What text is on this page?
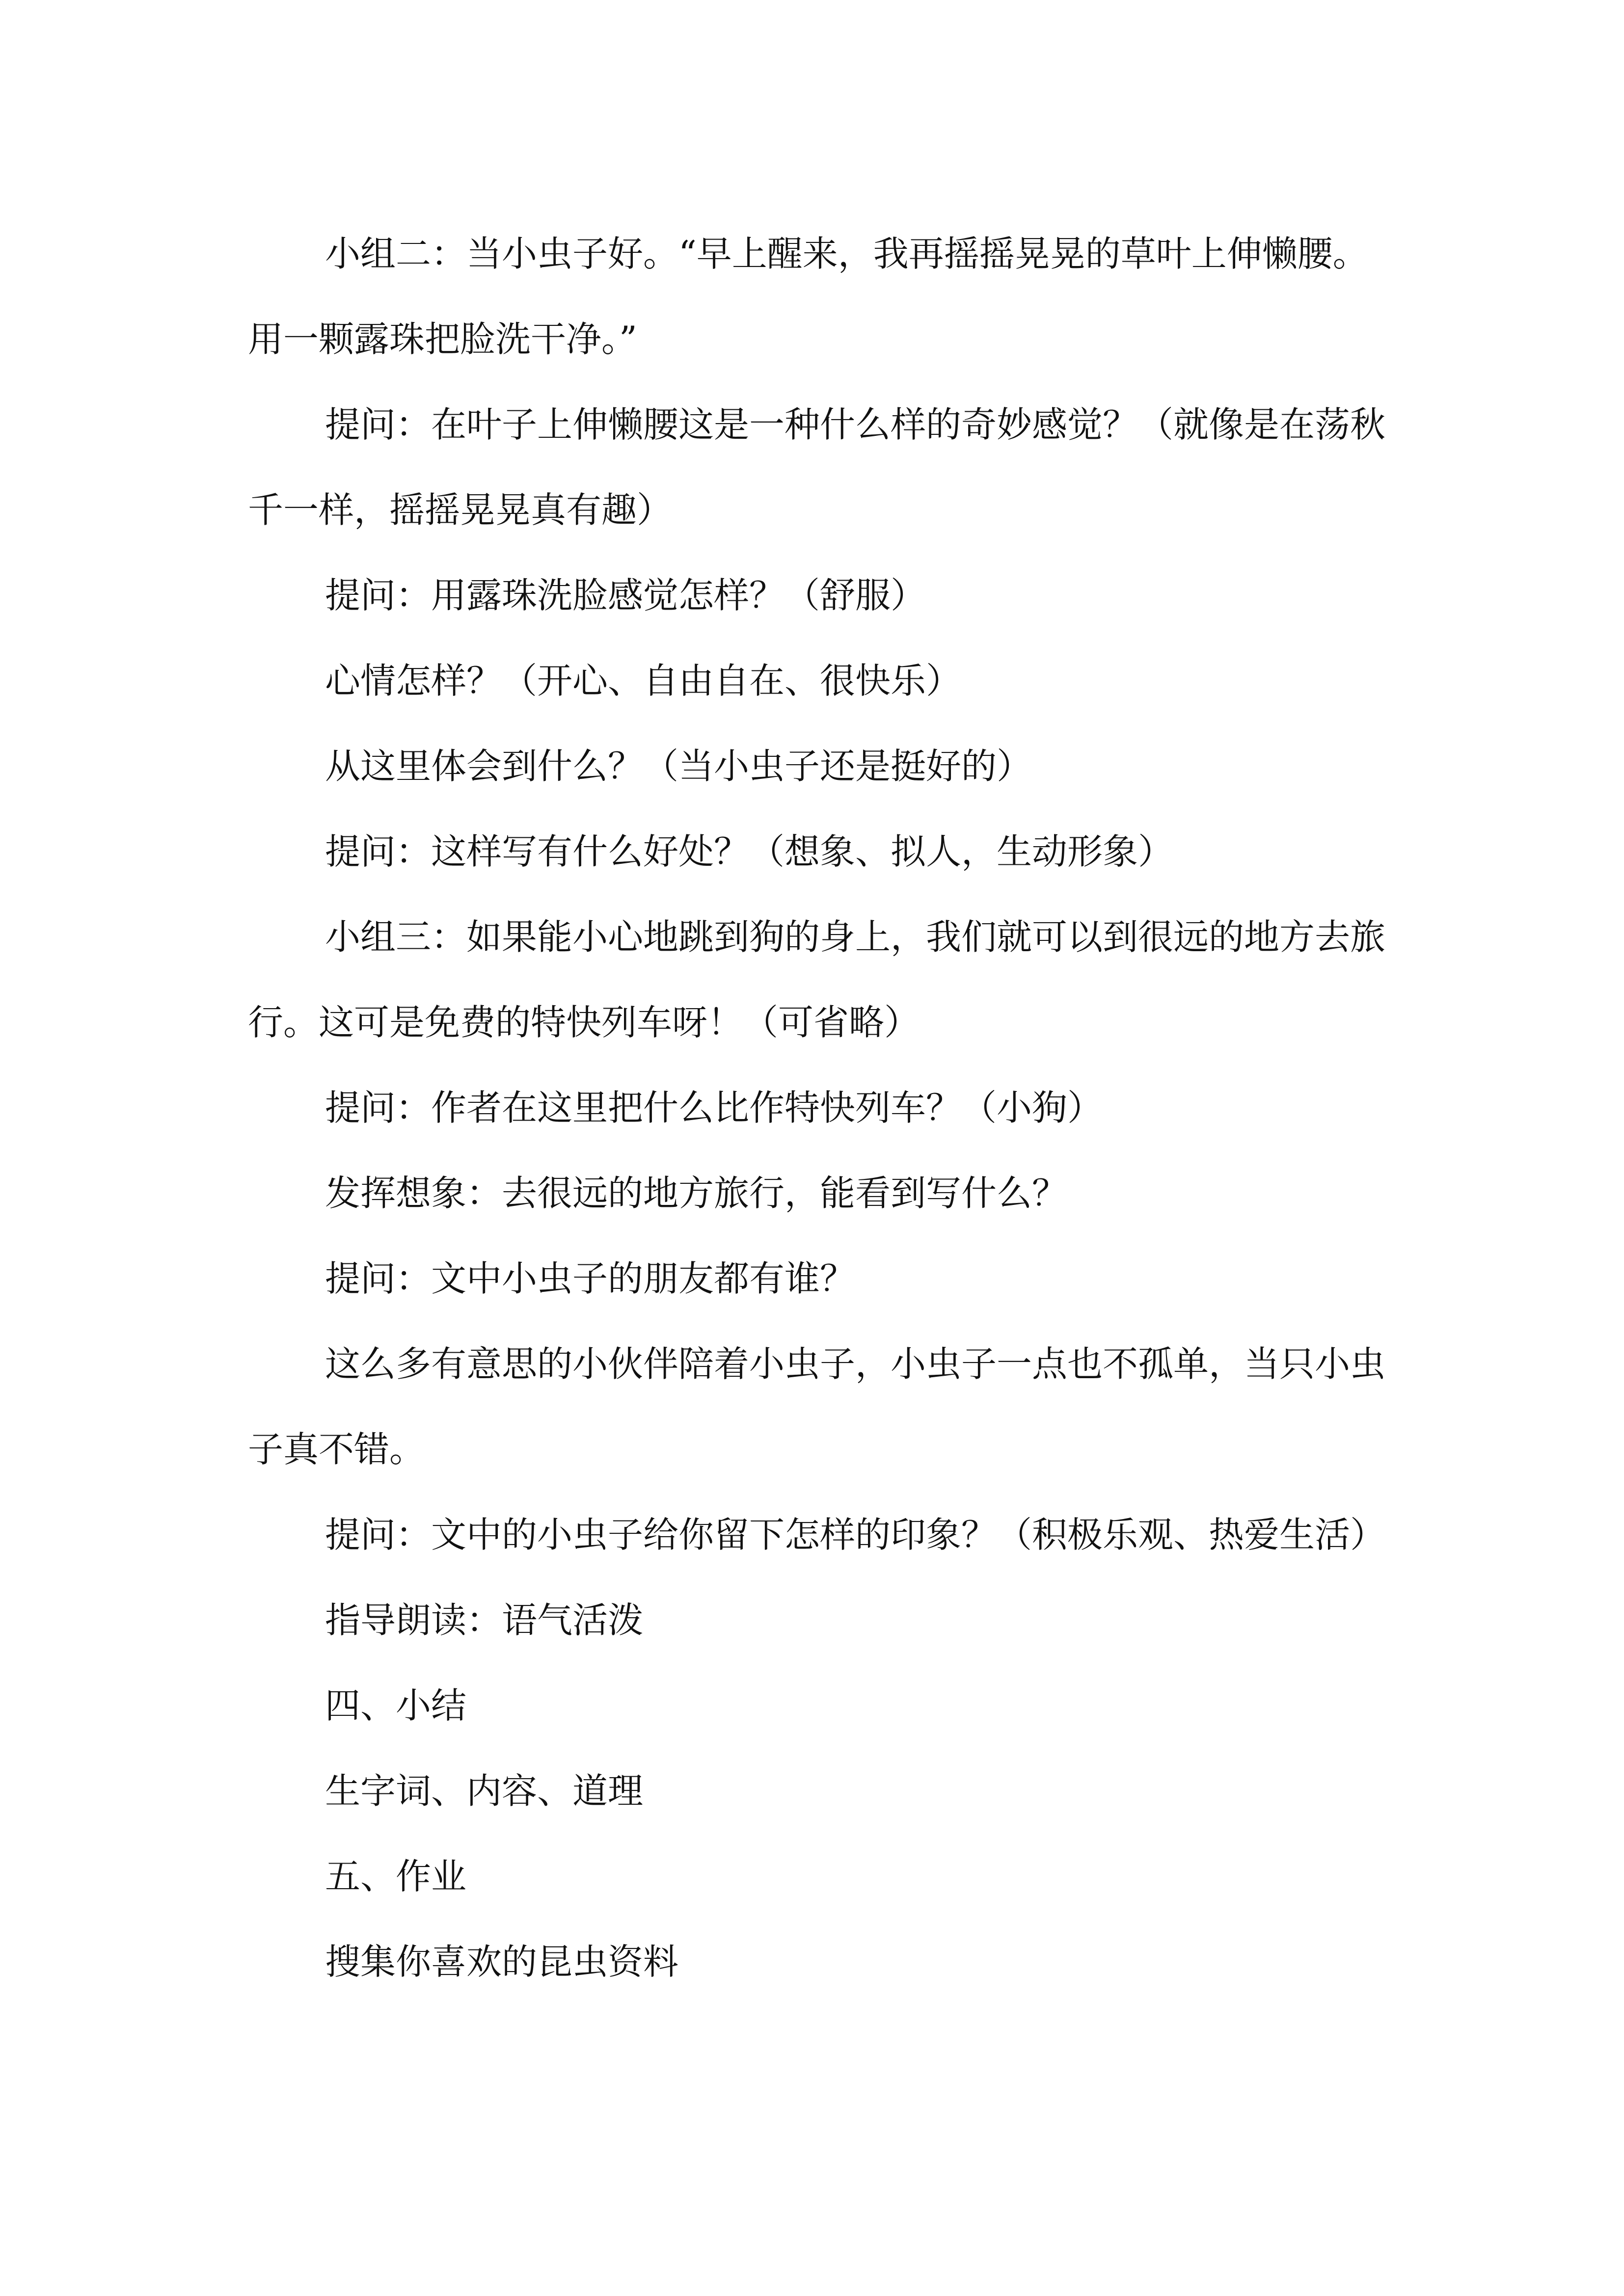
小组二：当小虫子好。“早上醒来，我再摇摇晃晃的草叶上伸懒腰。用一颗露珠把脸洗干净。”

提问：在叶子上伸懒腰这是一种什么样的奇妙感觉？（就像是在荡秋千一样，摇摇晃晃真有趣）

提问：用露珠洗脸感觉怎样？（舒服）

心情怎样？（开心、自由自在、很快乐）

从这里体会到什么？（当小虫子还是挺好的）

提问：这样写有什么好处？（想象、拟人，生动形象）

小组三：如果能小心地跳到狗的身上，我们就可以到很远的地方去旅行。这可是免费的特快列车呀！（可省略）

提问：作者在这里把什么比作特快列车？（小狗）

发挥想象：去很远的地方旅行，能看到写什么？

提问：文中小虫子的朋友都有谁？

这么多有意思的小伙伴陪着小虫子，小虫子一点也不孤单，当只小虫子真不错。

提问：文中的小虫子给你留下怎样的印象？（积极乐观、热爱生活）

指导朗读：语气活泼

四、小结

生字词、内容、道理

五、作业

搜集你喜欢的昆虫资料
